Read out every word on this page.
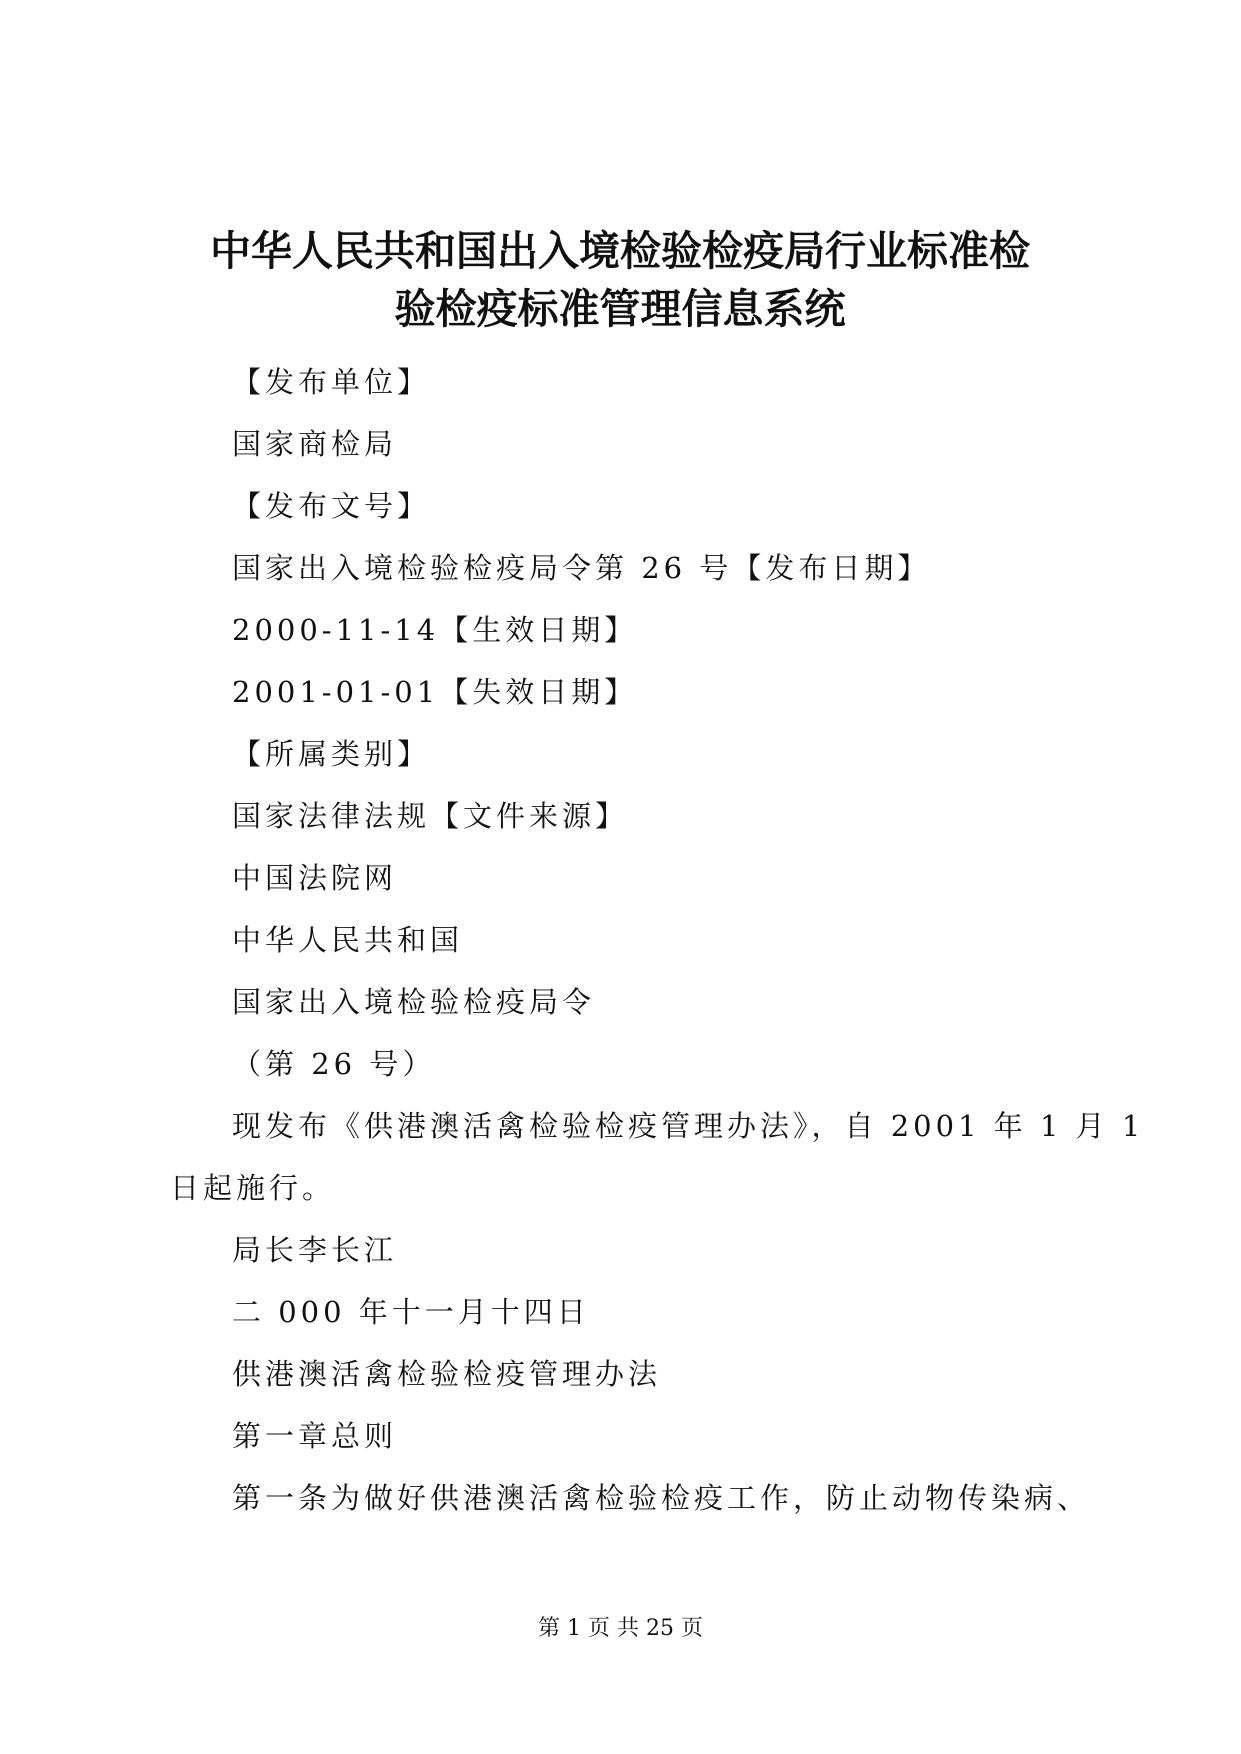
中华人民共和国出入境检验检疫局行业标准检
验检疫标准管理信息系统

【发布单位】

国家商检局

【发布文号】

国家出入境检验检疫局令第 26 号【发布日期】

2000-11-14【生效日期】

2001-01-01【失效日期】

【所属类别】

国家法律法规【文件来源】

中国法院网

中华人民共和国

国家出入境检验检疫局令

（第 26 号）

现发布《供港澳活禽检验检疫管理办法》，自 2001 年 1 月 1

日起施行。

局长李长江

二 000 年十一月十四日

供港澳活禽检验检疫管理办法

第一章总则

第一条为做好供港澳活禽检验检疫工作，防止动物传染病、

第 1 页 共 25 页
